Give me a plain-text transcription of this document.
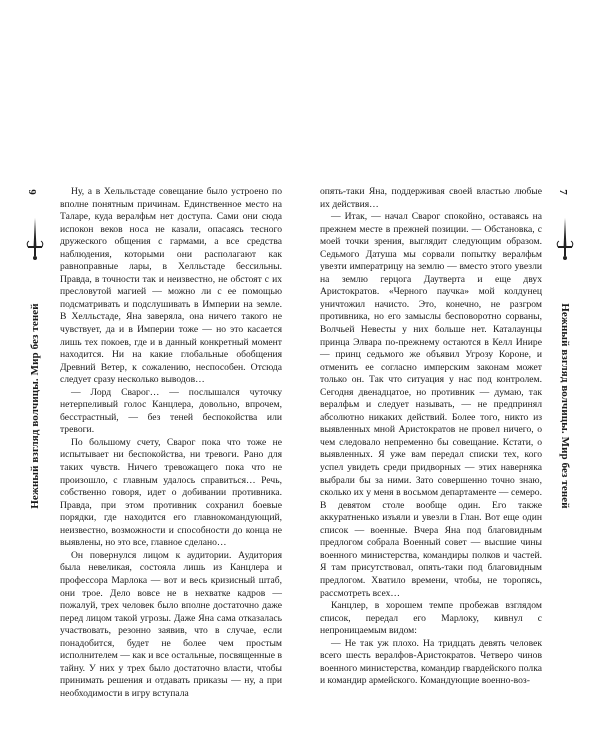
6
Нежный взгляд волчицы. Мир без теней

Ну, а в Хельльстаде совещание было устроено по вполне понятным причинам. Единственное место на Таларе, куда вералфьм нет доступа. Сами они сюда испокон веков носа не казали, опасаясь тесного дружеского общения с гармами, а все средства наблюдения, которыми они располагают как равноправные лары, в Хелльстаде бессильны. Правда, в точности так и неизвестно, не обстоят с их пресловутой магией — можно ли с ее помощью подсматривать и подслушивать в Империи на земле. В Хелльстаде, Яна заверяла, она ничего такого не чувствует, да и в Империи тоже — но это касается лишь тех покоев, где и в данный конкретный момент находится. Ни на какие глобальные обобщения Древний Ветер, к сожалению, неспособен. Отсюда следует сразу несколько выводов…

— Лорд Сварог… — послышался чуточку нетерпеливый голос Канцлера, довольно, впрочем, бесстрастный, — без теней беспокойства или тревоги.

По большому счету, Сварог пока что тоже не испытывает ни беспокойства, ни тревоги. Рано для таких чувств. Ничего тревожащего пока что не произошло, с главным удалось справиться… Речь, собственно говоря, идет о добивании противника. Правда, при этом противник сохранил боевые порядки, где находится его главнокомандующий, неизвестно, возможности и способности до конца не выявлены, но это все, главное сделано…

Он повернулся лицом к аудитории. Аудитория была невеликая, состояла лишь из Канцлера и профессора Марлока — вот и весь кризисный штаб, они трое. Дело вовсе не в нехватке кадров — пожалуй, трех человек было вполне достаточно даже перед лицом такой угрозы. Даже Яна сама отказалась участвовать, резонно заявив, что в случае, если понадобится, будет не более чем простым исполнителем — как и все остальные, посвященные в тайну. У них у трех было достаточно власти, чтобы принимать решения и отдавать приказы — ну, а при необходимости в игру вступала

опять-таки Яна, поддерживая своей властью любые их действия…

— Итак, — начал Сварог спокойно, оставаясь на прежнем месте в прежней позиции. — Обстановка, с моей точки зрения, выглядит следующим образом. Седьмого Датуша мы сорвали попытку вералфьм увезти императрицу на землю — вместо этого увезли на землю герцога Даутверта и еще двух Аристократов. «Черного паучка» мой колдунец уничтожил начисто. Это, конечно, не разгром противника, но его замыслы бесповоротно сорваны, Волчьей Невесты у них больше нет. Каталаунцы принца Элвара по-прежнему остаются в Келл Инире — принц седьмого же объявил Угрозу Короне, и отменить ее согласно имперским законам может только он. Так что ситуация у нас под контролем. Сегодня двенадцатое, но противник — думаю, так вералфьм и следует называть, — не предпринял абсолютно никаких действий. Более того, никто из выявленных мной Аристократов не провел ничего, о чем следовало непременно бы совещание. Кстати, о выявленных. Я уже вам передал списки тех, кого успел увидеть среди придворных — этих наверняка выбрали бы за ними. Зато совершенно точно знаю, сколько их у меня в восьмом департаменте — семеро. В девятом столе вообще один. Его также аккуратненько изъяли и увезли в Глан. Вот еще один список — военные. Вчера Яна под благовидным предлогом собрала Военный совет — высшие чины военного министерства, командиры полков и частей. Я там присутствовал, опять-таки под благовидным предлогом. Хватило времени, чтобы, не торопясь, рассмотреть всех…

Канцлер, в хорошем темпе пробежав взглядом список, передал его Марлоку, кивнул с непроницаемым видом:

— Не так уж плохо. На тридцать девять человек всего шесть вералфов-Аристократов. Четверо чинов военного министерства, командир гвардейского полка и командир армейского. Командующие военно-воз-

7
Нежный взгляд волчицы. Мир без теней
